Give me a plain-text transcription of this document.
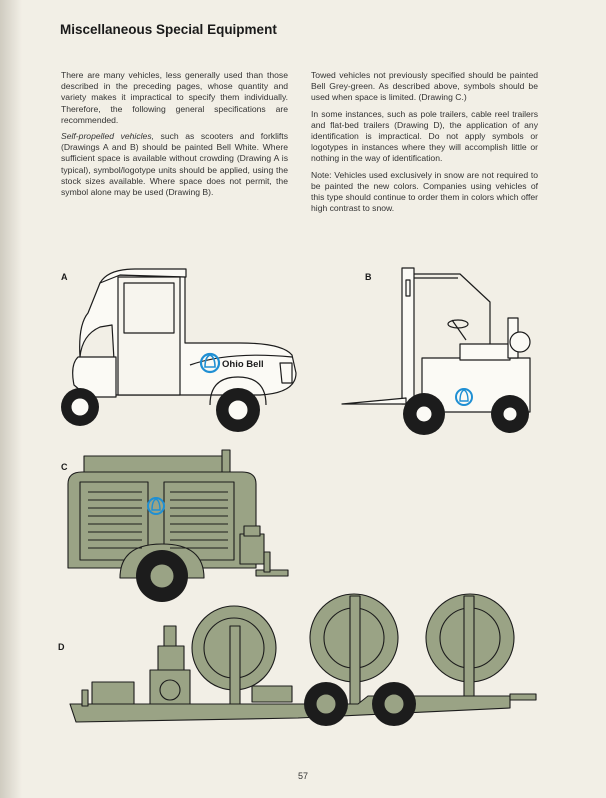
Miscellaneous Special Equipment

There are many vehicles, less generally used than those described in the preceding pages, whose quantity and variety makes it impractical to specify them individually. Therefore, the following general specifications are recommended.

Self-propelled vehicles, such as scooters and forklifts (Drawings A and B) should be painted Bell White. Where sufficient space is available without crowding (Drawing A is typical), symbol/logotype units should be applied, using the stock sizes available. Where space does not permit, the symbol alone may be used (Drawing B).

Towed vehicles not previously specified should be painted Bell Grey-green. As described above, symbols should be used when space is limited. (Drawing C.)

In some instances, such as pole trailers, cable reel trailers and flat-bed trailers (Drawing D), the application of any identification is impractical. Do not apply symbols or logotypes in instances where they will accomplish little or nothing in the way of identification.

Note: Vehicles used exclusively in snow are not required to be painted the new colors. Companies using vehicles of this type should continue to order them in colors which offer high contrast to snow.

A	B
C
D
Ohio Bell
57
